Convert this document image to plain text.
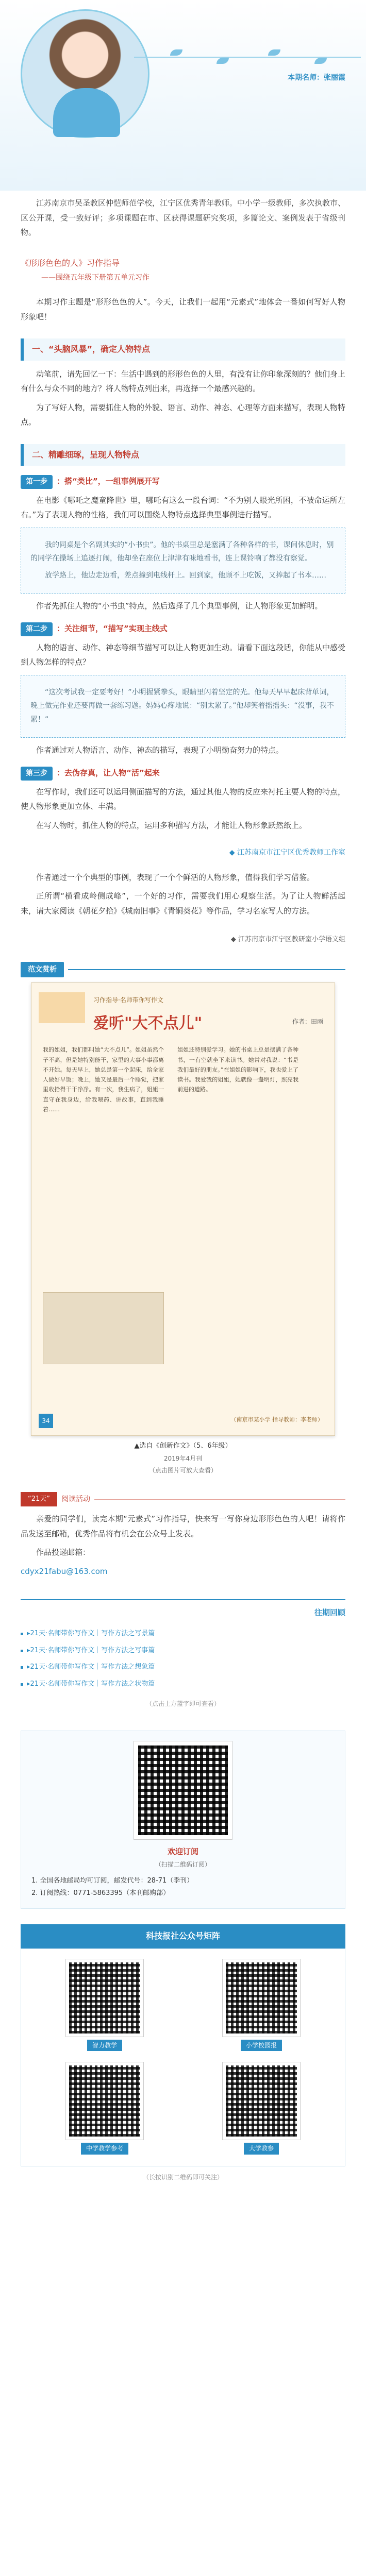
本期名师：张丽霞

江苏南京市吴圣教区仲恺师范学校，江宁区优秀青年教师。中小学一级教师，多次执教市、区公开课，受一致好评；多项课题在市、区获得课题研究奖项，多篇论文、案例发表于省级刊物。

《形形色色的人》习作指导
——围绕五年级下册第五单元习作

本期习作主题是“形形色色的人”。今天，让我们一起用“元素式”地体会一番如何写好人物形象吧！

一、“头脑风暴”，确定人物特点

动笔前，请先回忆一下：生活中遇到的形形色色的人里，有没有让你印象深刻的？他们身上有什么与众不同的地方？将人物特点列出来，再选择一个最感兴趣的。

为了写好人物，需要抓住人物的外貌、语言、动作、神态、心理等方面来描写，表现人物特点。

二、精雕细琢，呈现人物特点
第一步 ：搭“类比”，一组事例展开写

在电影《哪吒之魔童降世》里，哪吒有这么一段台词：“不为别人眼光所困，不被命运所左右。”为了表现人物的性格，我们可以围绕人物特点选择典型事例进行描写。

我的同桌是个名副其实的“小书虫”。他的书桌里总是塞满了各种各样的书，课间休息时，别的同学在操场上追逐打闹，他却坐在座位上津津有味地看书，连上课铃响了都没有察觉。

放学路上，他边走边看，差点撞到电线杆上。回到家，他顾不上吃饭，又捧起了书本……

作者先抓住人物的“小书虫”特点，然后选择了几个典型事例，让人物形象更加鲜明。

第二步 ：关注细节，“描写”实现主线式

人物的语言、动作、神态等细节描写可以让人物更加生动。请看下面这段话，你能从中感受到人物怎样的特点？

“这次考试我一定要考好！”小明握紧拳头，眼睛里闪着坚定的光。他每天早早起床背单词，晚上做完作业还要再做一套练习题。妈妈心疼地说：“别太累了。”他却笑着摇摇头：“没事，我不累！”

作者通过对人物语言、动作、神态的描写，表现了小明勤奋努力的特点。

第三步 ：去伪存真，让人物“活”起来

在写作时，我们还可以运用侧面描写的方法，通过其他人物的反应来衬托主要人物的特点，使人物形象更加立体、丰满。

在写人物时，抓住人物的特点，运用多种描写方法，才能让人物形象跃然纸上。

◆ 江苏南京市江宁区优秀教师工作室

作者通过一个个典型的事例，表现了一个个鲜活的人物形象，值得我们学习借鉴。

正所谓“横看成岭侧成峰”，一个好的习作，需要我们用心观察生活。为了让人物鲜活起来，请大家阅读《朝花夕拾》《城南旧事》《青铜葵花》等作品，学习名家写人的方法。

◆ 江苏南京市江宁区教研室小学语文组
范文赏析
习作指导·名师带你写作文
爱听"大不点儿"	作者：田雨
我的姐姐，我们都叫她“大不点儿”。姐姐虽然个子不高，但是她特别能干，家里的大事小事都离不开她。每天早上，她总是第一个起床，给全家人做好早饭；晚上，她又是最后一个睡觉，把家里收拾得干干净净。有一次，我生病了，姐姐一直守在我身边，给我喂药、讲故事，直到我睡着……
姐姐还特别爱学习。她的书桌上总是摆满了各种书，一有空就坐下来读书。她常对我说：“书是我们最好的朋友。”在姐姐的影响下，我也爱上了读书。我爱我的姐姐，她就像一盏明灯，照亮我前进的道路。
（南京市某小学 指导教师：李老师）
34
▲选自《创新作文》（5、6年级）
2019年4月刊
（点击图片可放大查看）
“21天”	阅读活动

亲爱的同学们，读完本期“元素式”习作指导，快来写一写你身边形形色色的人吧！请将作品发送至邮箱，优秀作品将有机会在公众号上发表。

作品投递邮箱：

cdyx21fabu@163.com

往期回顾
▸21天·名师带你写作文｜写作方法之写景篇
▸21天·名师带你写作文｜写作方法之写事篇
▸21天·名师带你写作文｜写作方法之想象篇
▸21天·名师带你写作文｜写作方法之状物篇
（点击上方蓝字即可查看）
欢迎订阅
（扫描二维码订阅）

1. 全国各地邮局均可订阅，邮发代号：28-71（季刊）

2. 订阅热线：0771-5863395（本刊邮购部）

科技报社公众号矩阵
智力教学	小学校园报
中学教学参考	大学教参
（长按识别二维码即可关注）
